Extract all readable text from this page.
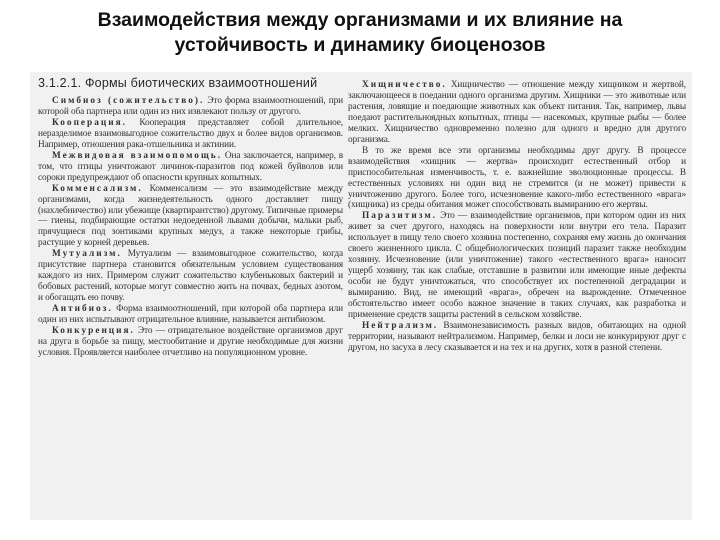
Взаимодействия между организмами и их влияние на
устойчивость и динамику биоценозов
3.1.2.1. Формы биотических взаимоотношений

Симбиоз (сожительство). Это форма взаимоотношений, при которой оба партнера или один из них извлекают пользу от другого.

Кооперация. Кооперация представляет собой длительное, неразделимое взаимовыгодное сожительство двух и более видов организмов. Например, отношения рака-отшельника и актинии.

Межвидовая взаимопомощь. Она заключается, например, в том, что птицы уничтожают личинок-паразитов под кожей буйволов или сороки предупреждают об опасности крупных копытных.

Комменсализм. Комменсализм — это взаимодействие между организмами, когда жизнедеятельность одного доставляет пищу (нахлебничество) или убежище (квартирантство) другому. Типичные примеры — гиены, подбирающие остатки недоеденной львами добычи, мальки рыб, прячущиеся под зонтиками крупных медуз, а также некоторые грибы, растущие у корней деревьев.

Мутуализм. Мутуализм — взаимовыгодное сожительство, когда присутствие партнера становится обязательным условием существования каждого из них. Примером служит сожительство клубеньковых бактерий и бобовых растений, которые могут совместно жить на почвах, бедных азотом, и обогащать ею почву.

Антибиоз. Форма взаимоотношений, при которой оба партнера или один из них испытывают отрицательное влияние, называется антибиозом.

Конкуренция. Это — отрицательное воздействие организмов друг на друга в борьбе за пищу, местообитание и другие необходимые для жизни условия. Проявляется наиболее отчетливо на популяционном уровне.

Хищничество. Хищничество — отношение между хищником и жертвой, заключающееся в поедании одного организма другим. Хищники — это животные или растения, ловящие и поедающие животных как объект питания. Так, например, львы поедают растительноядных копытных, птицы — насекомых, крупные рыбы — более мелких. Хищничество одновременно полезно для одного и вредно для другого организма.

В то же время все эти организмы необходимы друг другу. В процессе взаимодействия «хищник — жертва» происходит естественный отбор и приспособительная изменчивость, т. е. важнейшие эволюционные процессы. В естественных условиях ни один вид не стремится (и не может) привести к уничтожению другого. Более того, исчезновение какого-либо естественного «врага» (хищника) из среды обитания может способствовать вымиранию его жертвы.

Паразитизм. Это — взаимодействие организмов, при котором один из них живет за счет другого, находясь на поверхности или внутри его тела. Паразит использует в пищу тело своего хозяина постепенно, сохраняя ему жизнь до окончания своего жизненного цикла. С общебиологических позиций паразит также необходим хозяину. Исчезновение (или уничтожение) такого «естественного врага» наносит ущерб хозяину, так как слабые, отставшие в развитии или имеющие иные дефекты особи не будут уничтожаться, что способствует их постепенной деградации и вымиранию. Вид, не имеющий «врага», обречен на вырождение. Отмеченное обстоятельство имеет особо важное значение в таких случаях, как разработка и применение средств защиты растений в сельском хозяйстве.

Нейтрализм. Взаимонезависимость разных видов, обитающих на одной территории, называют нейтрализмом. Например, белки и лоси не конкурируют друг с другом, но засуха в лесу сказывается и на тех и на других, хотя в разной степени.
